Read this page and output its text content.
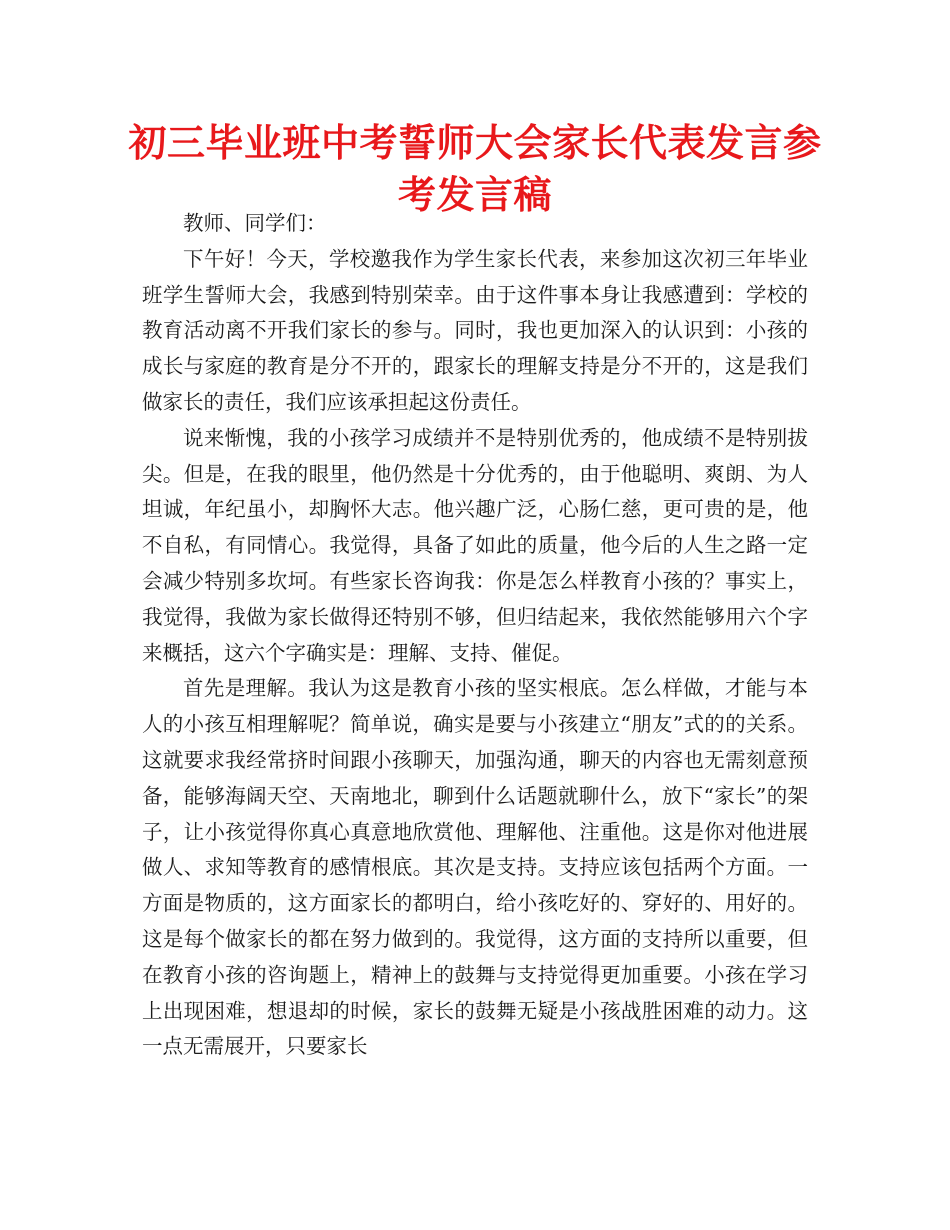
初三毕业班中考誓师大会家长代表发言参考发言稿

教师、同学们：

下午好！今天，学校邀我作为学生家长代表，来参加这次初三年毕业班学生誓师大会，我感到特别荣幸。由于这件事本身让我感遭到：学校的教育活动离不开我们家长的参与。同时，我也更加深入的认识到：小孩的成长与家庭的教育是分不开的，跟家长的理解支持是分不开的，这是我们做家长的责任，我们应该承担起这份责任。

说来惭愧，我的小孩学习成绩并不是特别优秀的，他成绩不是特别拔尖。但是，在我的眼里，他仍然是十分优秀的，由于他聪明、爽朗、为人坦诚，年纪虽小，却胸怀大志。他兴趣广泛，心肠仁慈，更可贵的是，他不自私，有同情心。我觉得，具备了如此的质量，他今后的人生之路一定会减少特别多坎坷。有些家长咨询我：你是怎么样教育小孩的？事实上，我觉得，我做为家长做得还特别不够，但归结起来，我依然能够用六个字来概括，这六个字确实是：理解、支持、催促。

首先是理解。我认为这是教育小孩的坚实根底。怎么样做，才能与本人的小孩互相理解呢？简单说，确实是要与小孩建立“朋友”式的的关系。这就要求我经常挤时间跟小孩聊天，加强沟通，聊天的内容也无需刻意预备，能够海阔天空、天南地北，聊到什么话题就聊什么，放下“家长”的架子，让小孩觉得你真心真意地欣赏他、理解他、注重他。这是你对他进展做人、求知等教育的感情根底。其次是支持。支持应该包括两个方面。一方面是物质的，这方面家长的都明白，给小孩吃好的、穿好的、用好的。这是每个做家长的都在努力做到的。我觉得，这方面的支持所以重要，但在教育小孩的咨询题上，精神上的鼓舞与支持觉得更加重要。小孩在学习上出现困难，想退却的时候，家长的鼓舞无疑是小孩战胜困难的动力。这一点无需展开，只要家长
